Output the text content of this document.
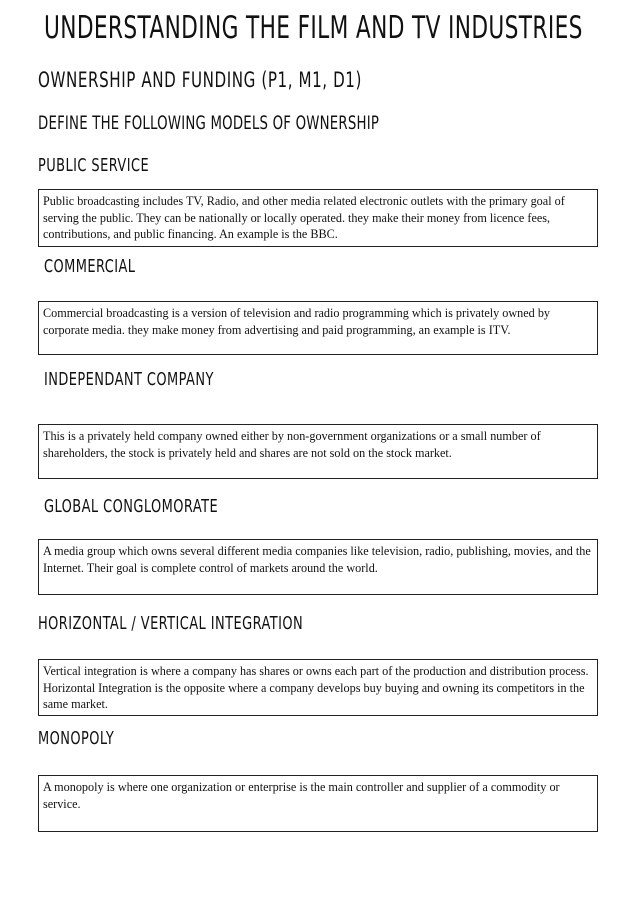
UNDERSTANDING THE FILM AND TV INDUSTRIES
OWNERSHIP AND FUNDING (P1, M1, D1)
DEFINE THE FOLLOWING MODELS OF OWNERSHIP
PUBLIC SERVICE
Public broadcasting includes TV, Radio, and other media related electronic outlets with the primary goal of serving the public. They can be nationally or locally operated. they make their money from licence fees, contributions, and public financing. An example is the BBC.
COMMERCIAL
Commercial broadcasting is a version of television and radio programming which is privately owned by corporate media. they make money from advertising and paid programming, an example is ITV.
INDEPENDANT COMPANY
This is a privately held company owned either by non-government organizations or a small number of shareholders, the stock is privately held and shares are not sold on the stock market.
GLOBAL CONGLOMORATE
A media group which owns several different media companies like television, radio, publishing, movies, and the Internet. Their goal is complete control of markets around the world.
HORIZONTAL / VERTICAL INTEGRATION
Vertical integration is where a company has shares or owns each part of the production and distribution process. Horizontal Integration is the opposite where a company develops buy buying and owning its competitors in the same market.
MONOPOLY
A monopoly is where one organization or enterprise is the main controller and supplier of a commodity or service.
